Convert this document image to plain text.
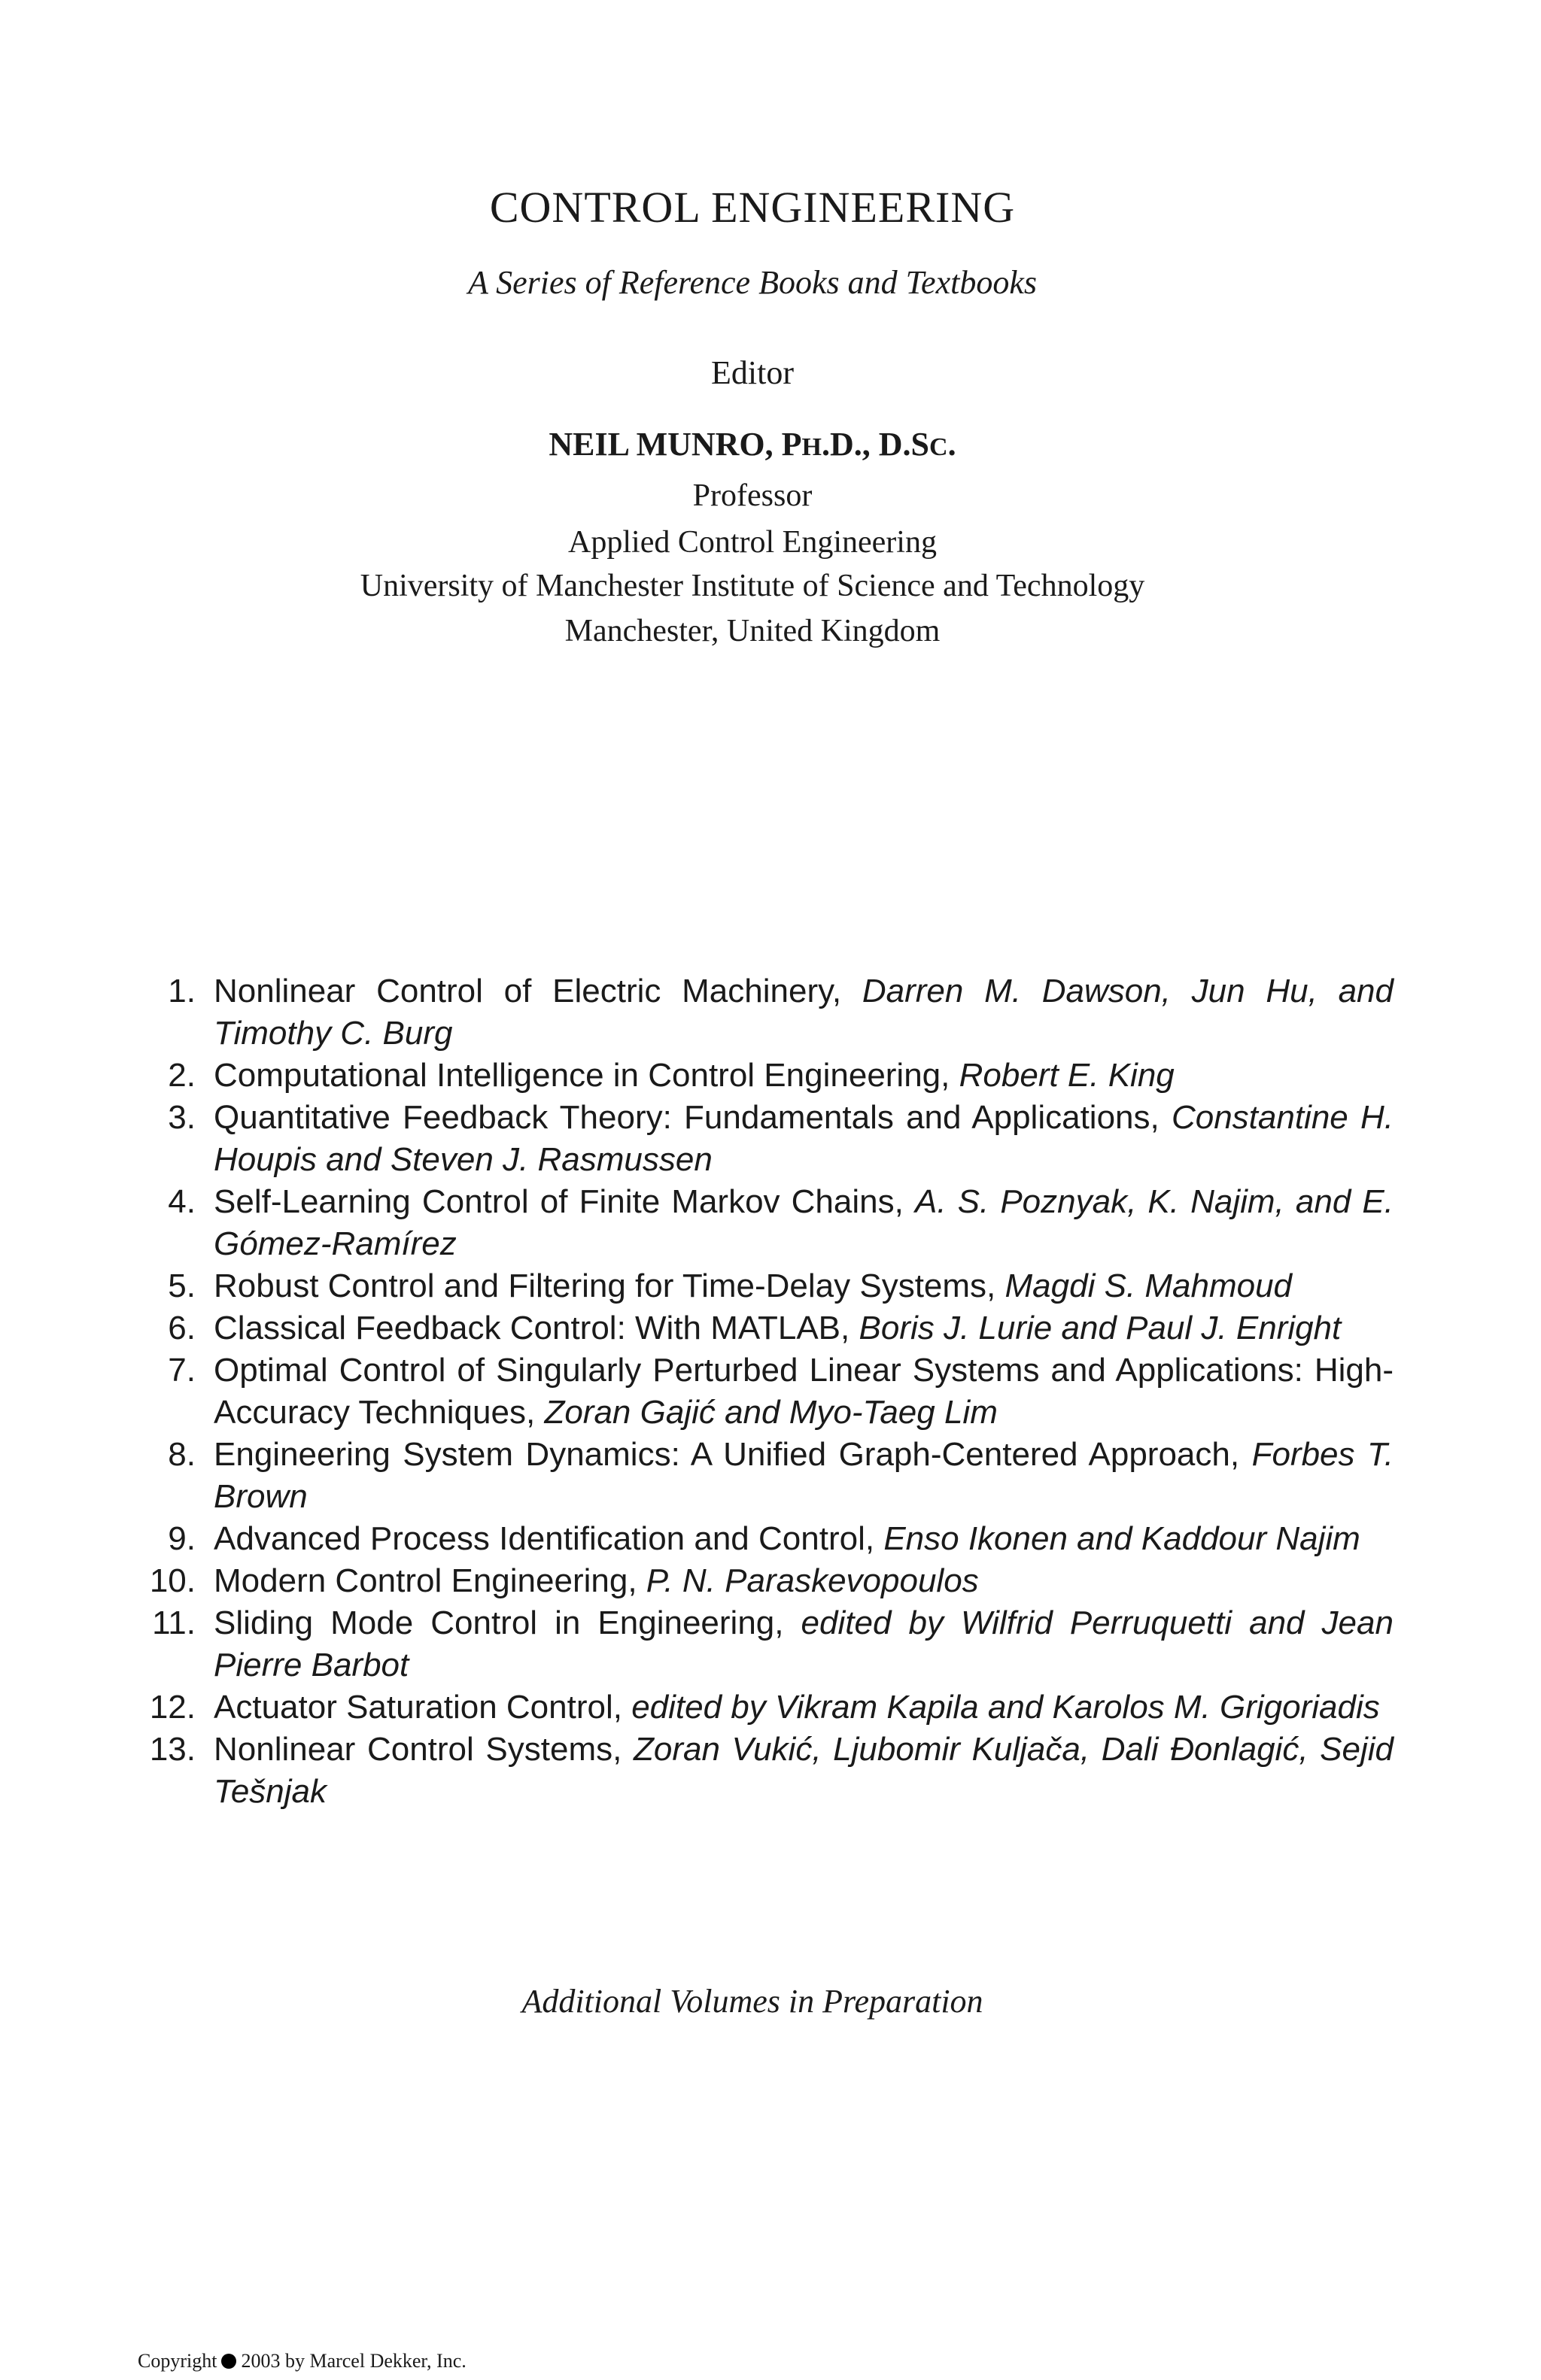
CONTROL ENGINEERING
A Series of Reference Books and Textbooks
Editor
NEIL MUNRO, PH.D., D.SC.
Professor
Applied Control Engineering
University of Manchester Institute of Science and Technology
Manchester, United Kingdom
1. Nonlinear Control of Electric Machinery, Darren M. Dawson, Jun Hu, and Timothy C. Burg
2. Computational Intelligence in Control Engineering, Robert E. King
3. Quantitative Feedback Theory: Fundamentals and Applications, Constantine H. Houpis and Steven J. Rasmussen
4. Self-Learning Control of Finite Markov Chains, A. S. Poznyak, K. Najim, and E. Gómez-Ramírez
5. Robust Control and Filtering for Time-Delay Systems, Magdi S. Mahmoud
6. Classical Feedback Control: With MATLAB, Boris J. Lurie and Paul J. Enright
7. Optimal Control of Singularly Perturbed Linear Systems and Applications: High-Accuracy Techniques, Zoran Gajić and Myo-Taeg Lim
8. Engineering System Dynamics: A Unified Graph-Centered Approach, Forbes T. Brown
9. Advanced Process Identification and Control, Enso Ikonen and Kaddour Najim
10. Modern Control Engineering, P. N. Paraskevopoulos
11. Sliding Mode Control in Engineering, edited by Wilfrid Perruquetti and Jean Pierre Barbot
12. Actuator Saturation Control, edited by Vikram Kapila and Karolos M. Grigoriadis
13. Nonlinear Control Systems, Zoran Vukić, Ljubomir Kuljača, Dali Đonlagić, Sejid Tešnjak
Additional Volumes in Preparation
Copyright 2003 by Marcel Dekker, Inc.
